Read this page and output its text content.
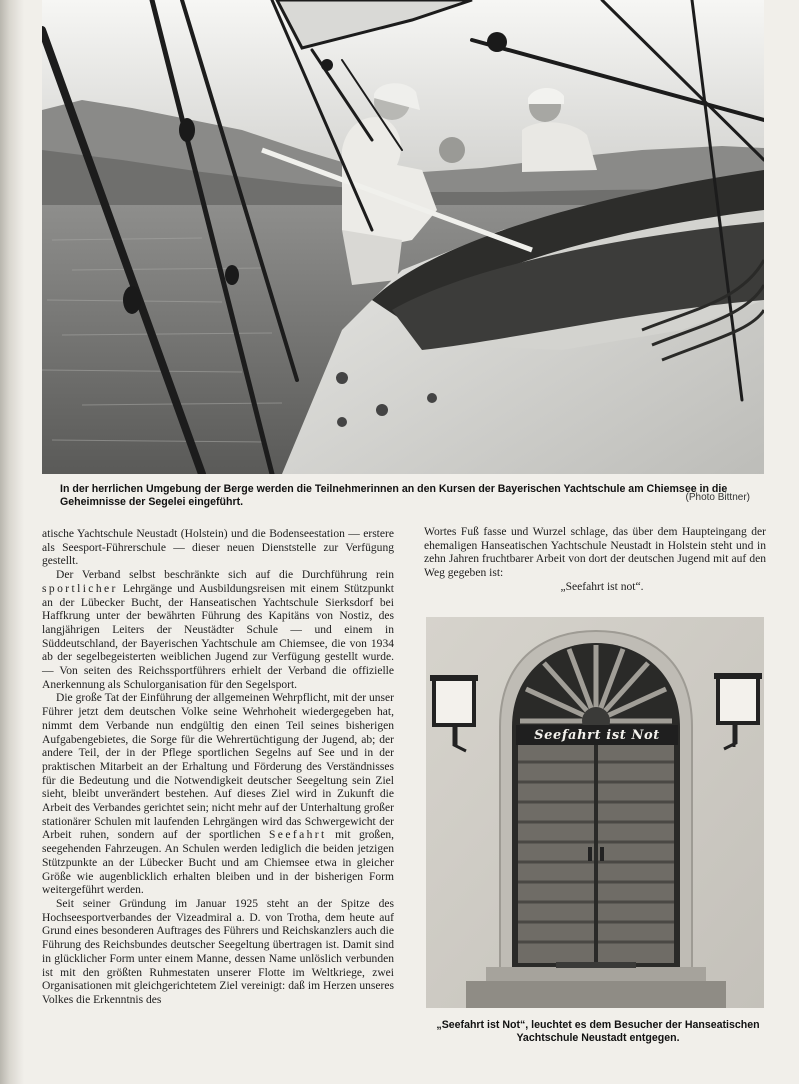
In der herrlichen Umgebung der Berge werden die Teilnehmerinnen an den Kursen der Bayerischen Yachtschule am Chiemsee in die Geheimnisse der Segelei eingeführt.	(Photo Bittner)

atische Yachtschule Neustadt (Holstein) und die Bodenseestation — erstere als Seesport-Führerschule — dieser neuen Dienststelle zur Verfügung gestellt.

Der Verband selbst beschränkte sich auf die Durchführung rein sportlicher Lehrgänge und Ausbildungsreisen mit einem Stützpunkt an der Lübecker Bucht, der Hanseatischen Yachtschule Sierksdorf bei Haffkrung unter der bewährten Führung des Kapitäns von Nostiz, des langjährigen Leiters der Neustädter Schule — und einem in Süddeutschland, der Bayerischen Yachtschule am Chiemsee, die von 1934 ab der segelbegeisterten weiblichen Jugend zur Verfügung gestellt wurde. — Von seiten des Reichssportführers erhielt der Verband die offizielle Anerkennung als Schulorganisation für den Segelsport.

Die große Tat der Einführung der allgemeinen Wehrpflicht, mit der unser Führer jetzt dem deutschen Volke seine Wehrhoheit wiedergegeben hat, nimmt dem Verbande nun endgültig den einen Teil seines bisherigen Aufgabengebietes, die Sorge für die Wehrertüchtigung der Jugend, ab; der andere Teil, der in der Pflege sportlichen Segelns auf See und in der praktischen Mitarbeit an der Erhaltung und Förderung des Verständnisses für die Bedeutung und die Notwendigkeit deutscher Seegeltung sein Ziel sieht, bleibt unverändert bestehen. Auf dieses Ziel wird in Zukunft die Arbeit des Verbandes gerichtet sein; nicht mehr auf der Unterhaltung großer stationärer Schulen mit laufenden Lehrgängen wird das Schwergewicht der Arbeit ruhen, sondern auf der sportlichen Seefahrt mit großen, seegehenden Fahrzeugen. An Schulen werden lediglich die beiden jetzigen Stützpunkte an der Lübecker Bucht und am Chiemsee etwa in gleicher Größe wie augenblicklich erhalten bleiben und in der bisherigen Form weitergeführt werden.

Seit seiner Gründung im Januar 1925 steht an der Spitze des Hochseesportverbandes der Vizeadmiral a. D. von Trotha, dem heute auf Grund eines besonderen Auftrages des Führers und Reichskanzlers auch die Führung des Reichsbundes deutscher Seegeltung übertragen ist. Damit sind in glücklicher Form unter einem Manne, dessen Name unlöslich verbunden ist mit den größten Ruhmestaten unserer Flotte im Weltkriege, zwei Organisationen mit gleichgerichtetem Ziel vereinigt: daß im Herzen unseres Volkes die Erkenntnis des

Wortes Fuß fasse und Wurzel schlage, das über dem Haupteingang der ehemaligen Hanseatischen Yachtschule Neustadt in Holstein steht und in zehn Jahren fruchtbarer Arbeit von dort der deutschen Jugend mit auf den Weg gegeben ist:

„Seefahrt ist not“.

Seefahrt ist Not
„Seefahrt ist Not“, leuchtet es dem Besucher der Hanseatischen Yachtschule Neustadt entgegen.
